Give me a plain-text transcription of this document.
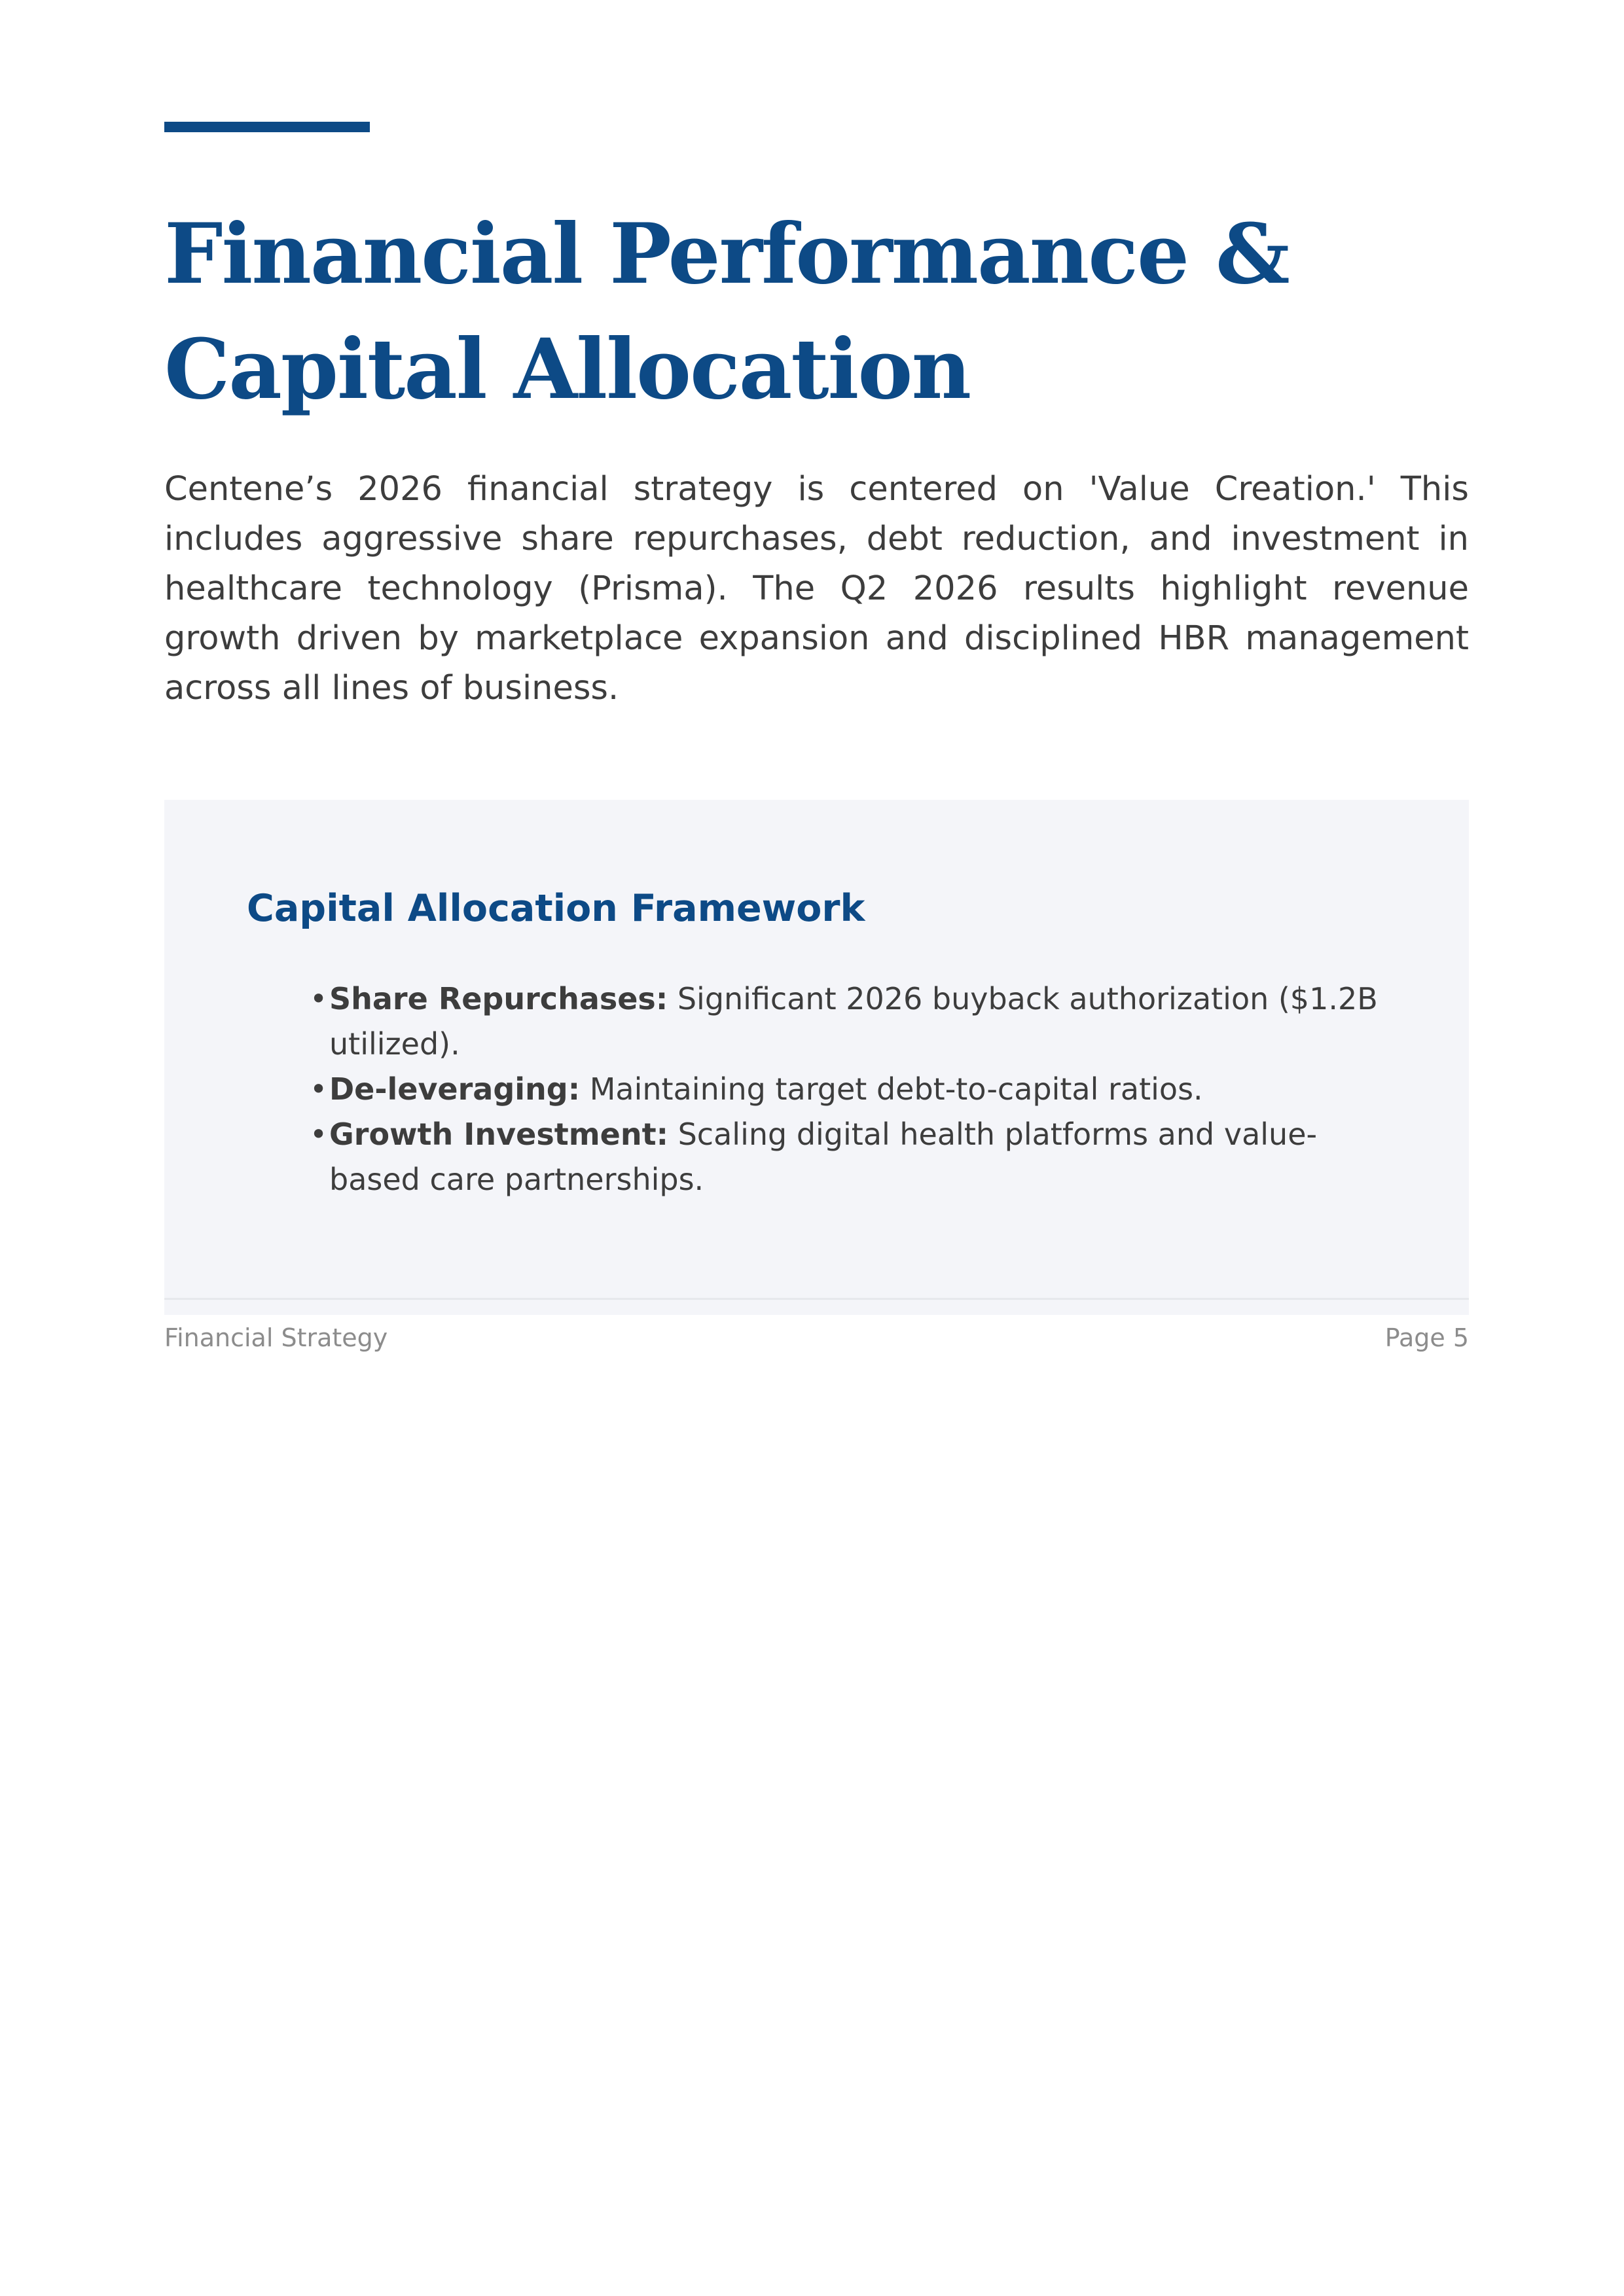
Financial Performance & Capital Allocation

Centene’s 2026 financial strategy is centered on 'Value Creation.' This includes aggressive share repurchases, debt reduction, and investment in healthcare technology (Prisma). The Q2 2026 results highlight revenue growth driven by marketplace expansion and disciplined HBR management across all lines of business.

Capital Allocation Framework
• Share Repurchases: Significant 2026 buyback authorization ($1.2B utilized).
• De-leveraging: Maintaining target debt-to-capital ratios.
• Growth Investment: Scaling digital health platforms and value-based care partnerships.
Financial Strategy	Page 5
